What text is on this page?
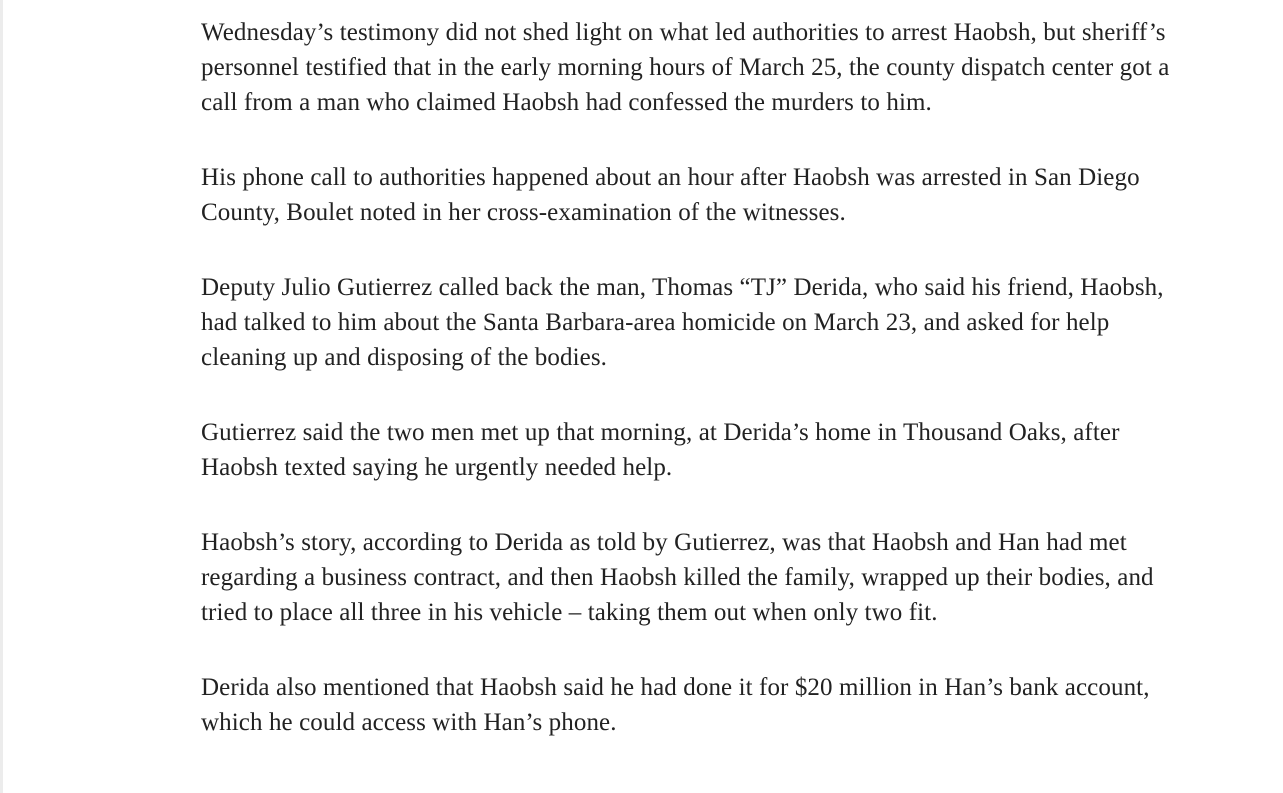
Wednesday’s testimony did not shed light on what led authorities to arrest Haobsh, but sheriff’s personnel testified that in the early morning hours of March 25, the county dispatch center got a call from a man who claimed Haobsh had confessed the murders to him.

His phone call to authorities happened about an hour after Haobsh was arrested in San Diego County, Boulet noted in her cross-examination of the witnesses.

Deputy Julio Gutierrez called back the man, Thomas “TJ” Derida, who said his friend, Haobsh, had talked to him about the Santa Barbara-area homicide on March 23, and asked for help cleaning up and disposing of the bodies.

Gutierrez said the two men met up that morning, at Derida’s home in Thousand Oaks, after Haobsh texted saying he urgently needed help.

Haobsh’s story, according to Derida as told by Gutierrez, was that Haobsh and Han had met regarding a business contract, and then Haobsh killed the family, wrapped up their bodies, and tried to place all three in his vehicle – taking them out when only two fit.

Derida also mentioned that Haobsh said he had done it for $20 million in Han’s bank account, which he could access with Han’s phone.
